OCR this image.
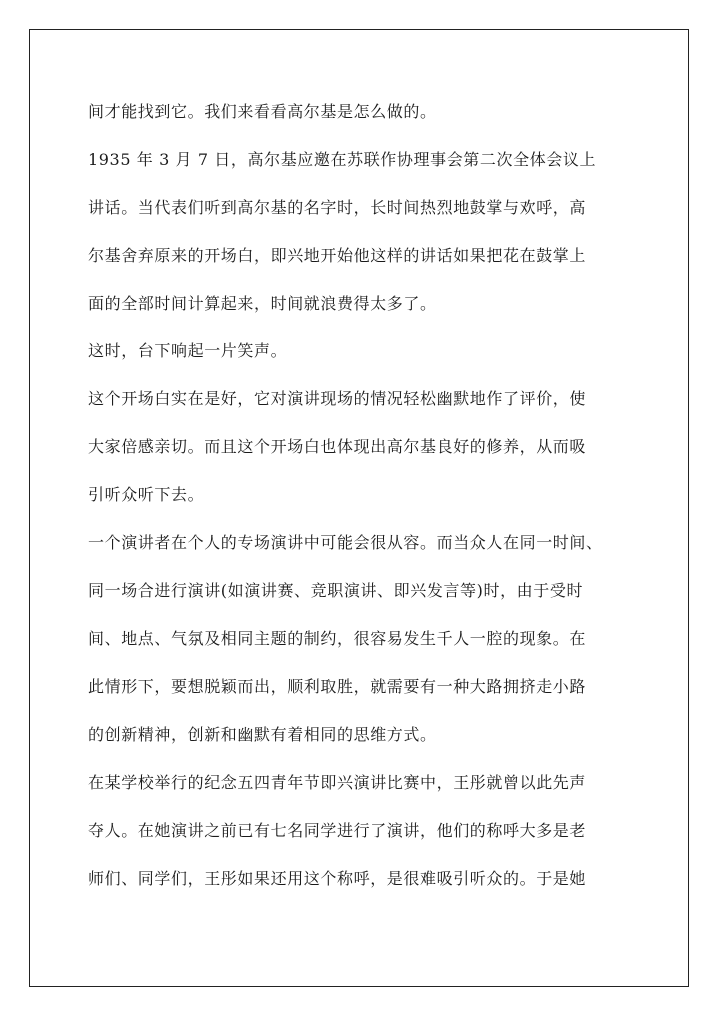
间才能找到它。我们来看看高尔基是怎么做的。
1935 年 3 月 7 日，高尔基应邀在苏联作协理事会第二次全体会议上
讲话。当代表们听到高尔基的名字时，长时间热烈地鼓掌与欢呼，高
尔基舍弃原来的开场白，即兴地开始他这样的讲话如果把花在鼓掌上
面的全部时间计算起来，时间就浪费得太多了。
这时，台下响起一片笑声。
这个开场白实在是好，它对演讲现场的情况轻松幽默地作了评价，使
大家倍感亲切。而且这个开场白也体现出高尔基良好的修养，从而吸
引听众听下去。
一个演讲者在个人的专场演讲中可能会很从容。而当众人在同一时间、
同一场合进行演讲(如演讲赛、竞职演讲、即兴发言等)时，由于受时
间、地点、气氛及相同主题的制约，很容易发生千人一腔的现象。在
此情形下，要想脱颖而出，顺利取胜，就需要有一种大路拥挤走小路
的创新精神，创新和幽默有着相同的思维方式。
在某学校举行的纪念五四青年节即兴演讲比赛中，王彤就曾以此先声
夺人。在她演讲之前已有七名同学进行了演讲，他们的称呼大多是老
师们、同学们，王彤如果还用这个称呼，是很难吸引听众的。于是她
